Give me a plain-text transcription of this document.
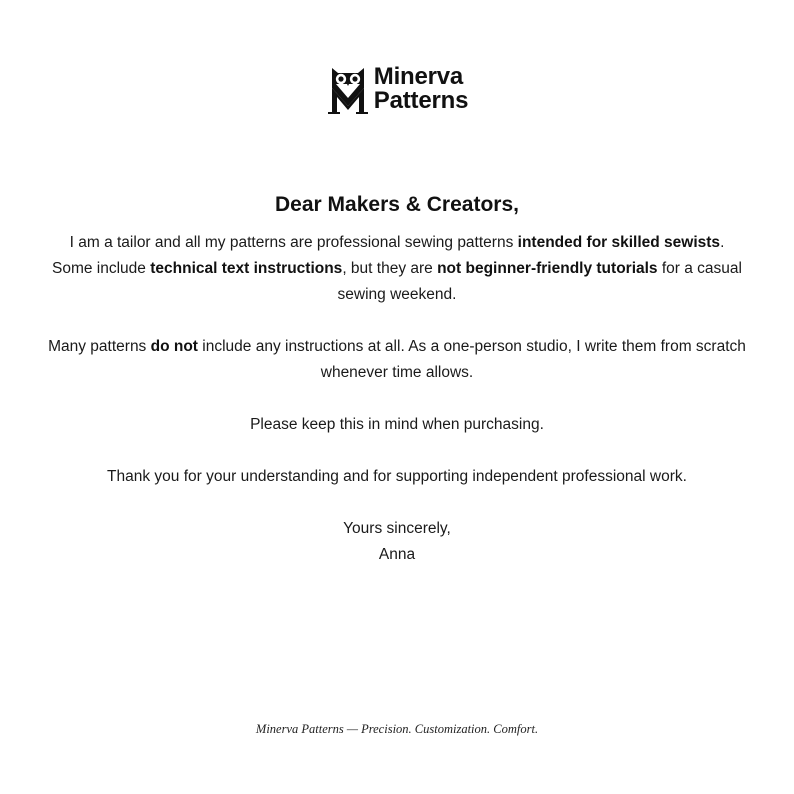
Minerva
Patterns
Dear Makers & Creators,

I am a tailor and all my patterns are professional sewing patterns intended for skilled sewists.
Some include technical text instructions, but they are not beginner-friendly tutorials for a casual sewing weekend.

Many patterns do not include any instructions at all. As a one-person studio, I write them from scratch whenever time allows.

Please keep this in mind when purchasing.

Thank you for your understanding and for supporting independent professional work.

Yours sincerely,

Anna

Minerva Patterns — Precision. Customization. Comfort.
